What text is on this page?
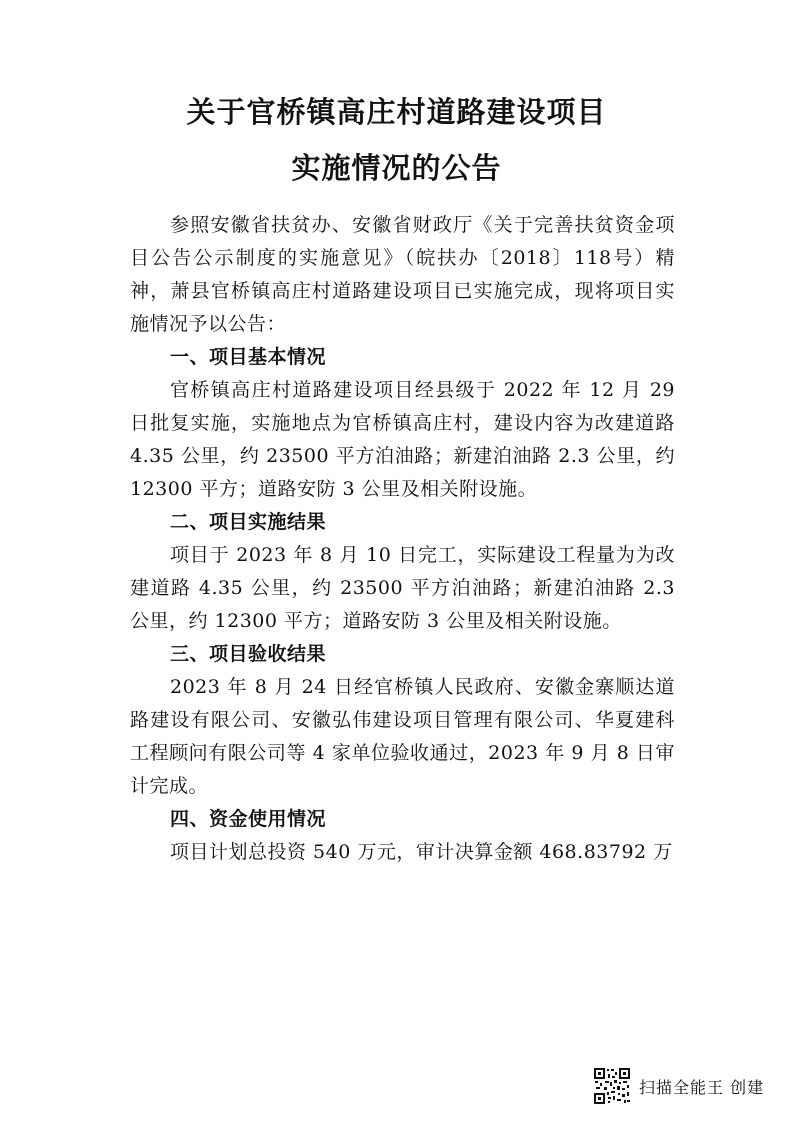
关于官桥镇高庄村道路建设项目
实施情况的公告

参照安徽省扶贫办、安徽省财政厅《关于完善扶贫资金项目公告公示制度的实施意见》（皖扶办〔2018〕118号）精神，萧县官桥镇高庄村道路建设项目已实施完成，现将项目实施情况予以公告：

一、项目基本情况

官桥镇高庄村道路建设项目经县级于 2022 年 12 月 29 日批复实施，实施地点为官桥镇高庄村，建设内容为改建道路 4.35 公里，约 23500 平方泊油路；新建泊油路 2.3 公里，约 12300 平方；道路安防 3 公里及相关附设施。

二、项目实施结果

项目于 2023 年 8 月 10 日完工，实际建设工程量为为改建道路 4.35 公里，约 23500 平方泊油路；新建泊油路 2.3 公里，约 12300 平方；道路安防 3 公里及相关附设施。

三、项目验收结果

2023 年 8 月 24 日经官桥镇人民政府、安徽金寨顺达道路建设有限公司、安徽弘伟建设项目管理有限公司、华夏建科工程顾问有限公司等 4 家单位验收通过，2023 年 9 月 8 日审计完成。

四、资金使用情况

项目计划总投资 540 万元，审计决算金额 468.83792 万

扫描全能王 创建
